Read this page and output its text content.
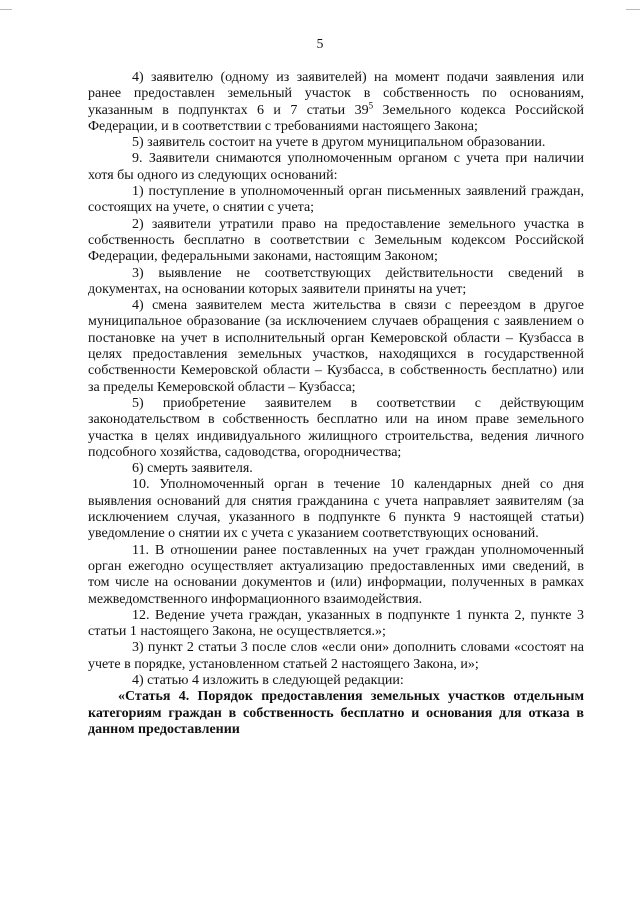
5

4) заявителю (одному из заявителей) на момент подачи заявления или ранее предоставлен земельный участок в собственность по основаниям, указанным в подпунктах 6 и 7 статьи $39^5$ Земельного кодекса Российской Федерации, и в соответствии с требованиями настоящего Закона;

5) заявитель состоит на учете в другом муниципальном образовании.

9. Заявители снимаются уполномоченным органом с учета при наличии хотя бы одного из следующих оснований:

1) поступление в уполномоченный орган письменных заявлений граждан, состоящих на учете, о снятии с учета;

2) заявители утратили право на предоставление земельного участка в собственность бесплатно в соответствии с Земельным кодексом Российской Федерации, федеральными законами, настоящим Законом;

3) выявление не соответствующих действительности сведений в документах, на основании которых заявители приняты на учет;

4) смена заявителем места жительства в связи с переездом в другое муниципальное образование (за исключением случаев обращения с заявлением о постановке на учет в исполнительный орган Кемеровской области – Кузбасса в целях предоставления земельных участков, находящихся в государственной собственности Кемеровской области – Кузбасса, в собственность бесплатно) или за пределы Кемеровской области – Кузбасса;

5) приобретение заявителем в соответствии с действующим законодательством в собственность бесплатно или на ином праве земельного участка в целях индивидуального жилищного строительства, ведения личного подсобного хозяйства, садоводства, огородничества;

6) смерть заявителя.

10. Уполномоченный орган в течение 10 календарных дней со дня выявления оснований для снятия гражданина с учета направляет заявителям (за исключением случая, указанного в подпункте 6 пункта 9 настоящей статьи) уведомление о снятии их с учета с указанием соответствующих оснований.

11. В отношении ранее поставленных на учет граждан уполномоченный орган ежегодно осуществляет актуализацию предоставленных ими сведений, в том числе на основании документов и (или) информации, полученных в рамках межведомственного информационного взаимодействия.

12. Ведение учета граждан, указанных в подпункте 1 пункта 2, пункте 3 статьи 1 настоящего Закона, не осуществляется.»;

3) пункт 2 статьи 3 после слов «если они» дополнить словами «состоят на учете в порядке, установленном статьей 2 настоящего Закона, и»;

4) статью 4 изложить в следующей редакции:

«Статья 4. Порядок предоставления земельных участков отдельным категориям граждан в собственность бесплатно и основания для отказа в данном предоставлении
